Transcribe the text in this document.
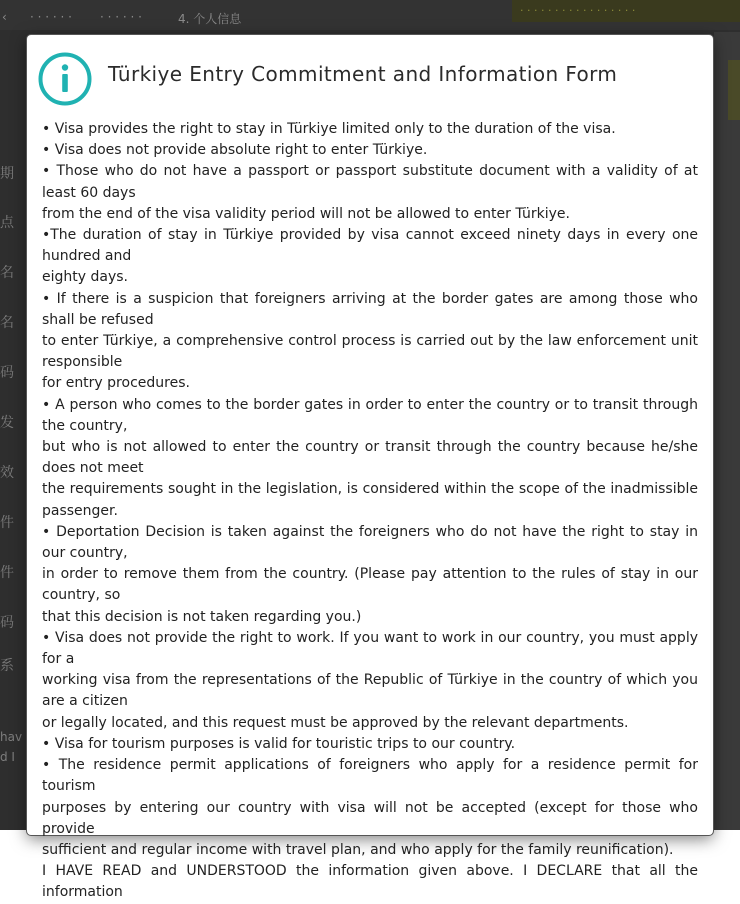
‹ · · · · · · · · · · · ·	4. 个人信息
· · · · · · · · · · · · · · · · ·
期
点
名
名
码
发
效
件
件
码
系
hav
d I
Türkiye Entry Commitment and Information Form
• Visa provides the right to stay in Türkiye limited only to the duration of the visa.
• Visa does not provide absolute right to enter Türkiye.
• Those who do not have a passport or passport substitute document with a validity of at least 60 days
from the end of the visa validity period will not be allowed to enter Türkiye.
•The duration of stay in Türkiye provided by visa cannot exceed ninety days in every one hundred and
eighty days.
• If there is a suspicion that foreigners arriving at the border gates are among those who shall be refused
to enter Türkiye, a comprehensive control process is carried out by the law enforcement unit responsible
for entry procedures.
• A person who comes to the border gates in order to enter the country or to transit through the country,
but who is not allowed to enter the country or transit through the country because he/she does not meet
the requirements sought in the legislation, is considered within the scope of the inadmissible passenger.
• Deportation Decision is taken against the foreigners who do not have the right to stay in our country,
in order to remove them from the country. (Please pay attention to the rules of stay in our country, so
that this decision is not taken regarding you.)
• Visa does not provide the right to work. If you want to work in our country, you must apply for a
working visa from the representations of the Republic of Türkiye in the country of which you are a citizen
or legally located, and this request must be approved by the relevant departments.
• Visa for tourism purposes is valid for touristic trips to our country.
• The residence permit applications of foreigners who apply for a residence permit for tourism
purposes by entering our country with visa will not be accepted (except for those who provide
sufficient and regular income with travel plan, and who apply for the family reunification).
I HAVE READ and UNDERSTOOD the information given above. I DECLARE that all the information
